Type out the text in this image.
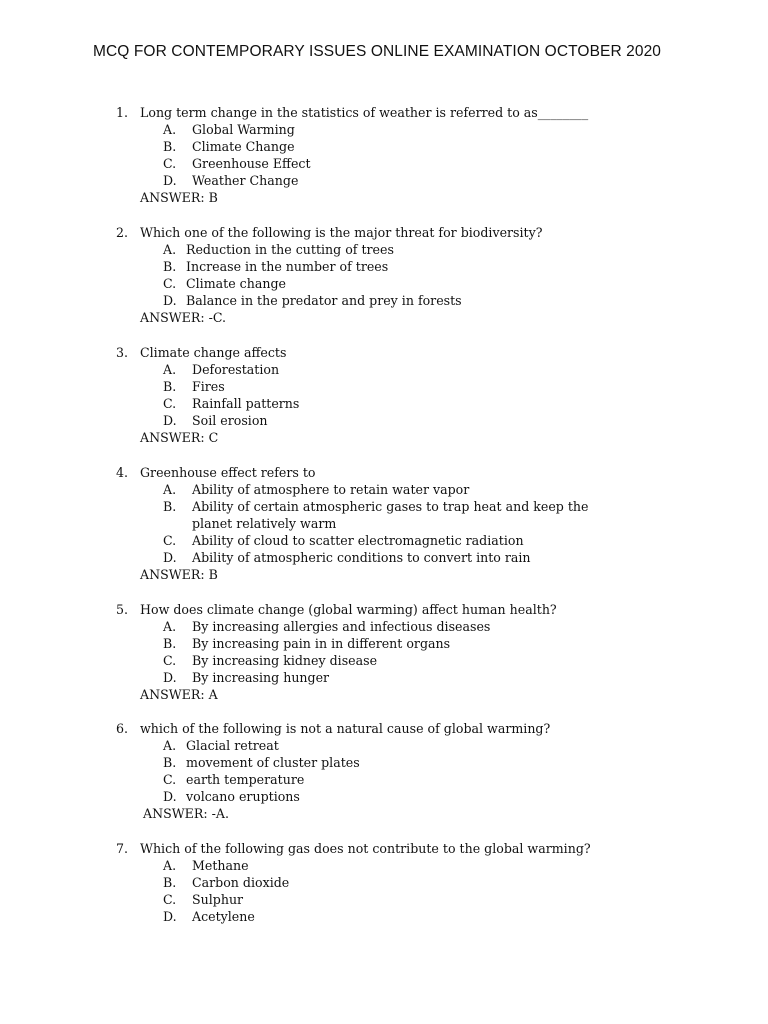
MCQ FOR CONTEMPORARY ISSUES ONLINE EXAMINATION OCTOBER 2020
1. Long term change in the statistics of weather is referred to as________
A. Global Warming
B. Climate Change
C. Greenhouse Effect
D. Weather Change
ANSWER: B
2. Which one of the following is the major threat for biodiversity?
A. Reduction in the cutting of trees
B. Increase in the number of trees
C. Climate change
D. Balance in the predator and prey in forests
ANSWER: -C.
3. Climate change affects
A. Deforestation
B. Fires
C. Rainfall patterns
D. Soil erosion
ANSWER: C
4. Greenhouse effect refers to
A. Ability of atmosphere to retain water vapor
B. Ability of certain atmospheric gases to trap heat and keep the
planet relatively warm
C. Ability of cloud to scatter electromagnetic radiation
D. Ability of atmospheric conditions to convert into rain
ANSWER: B
5. How does climate change (global warming) affect human health?
A. By increasing allergies and infectious diseases
B. By increasing pain in in different organs
C. By increasing kidney disease
D. By increasing hunger
ANSWER: A
6. which of the following is not a natural cause of global warming?
A. Glacial retreat
B. movement of cluster plates
C. earth temperature
D. volcano eruptions
ANSWER: -A.
7. Which of the following gas does not contribute to the global warming?
A. Methane
B. Carbon dioxide
C. Sulphur
D. Acetylene
